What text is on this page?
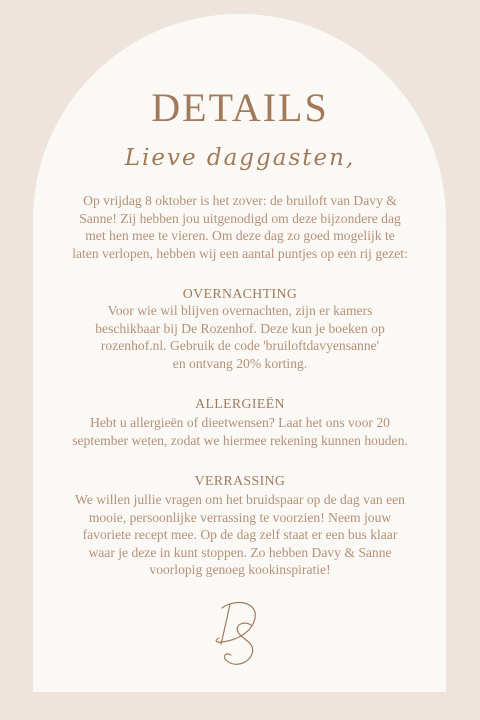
DETAILS

Lieve daggasten,

Op vrijdag 8 oktober is het zover: de bruiloft van Davy &
Sanne! Zij hebben jou uitgenodigd om deze bijzondere dag
met hen mee te vieren. Om deze dag zo goed mogelijk te
laten verlopen, hebben wij een aantal puntjes op een rij gezet:
OVERNACHTING
Voor wie wil blijven overnachten, zijn er kamers
beschikbaar bij De Rozenhof. Deze kun je boeken op
rozenhof.nl. Gebruik de code 'bruiloftdavyensanne'
en ontvang 20% korting.
ALLERGIEËN
Hebt u allergieën of dieetwensen? Laat het ons voor 20
september weten, zodat we hiermee rekening kunnen houden.
VERRASSING
We willen jullie vragen om het bruidspaar op de dag van een
mooie, persoonlijke verrassing te voorzien! Neem jouw
favoriete recept mee. Op de dag zelf staat er een bus klaar
waar je deze in kunt stoppen. Zo hebben Davy & Sanne
voorlopig genoeg kookinspiratie!
